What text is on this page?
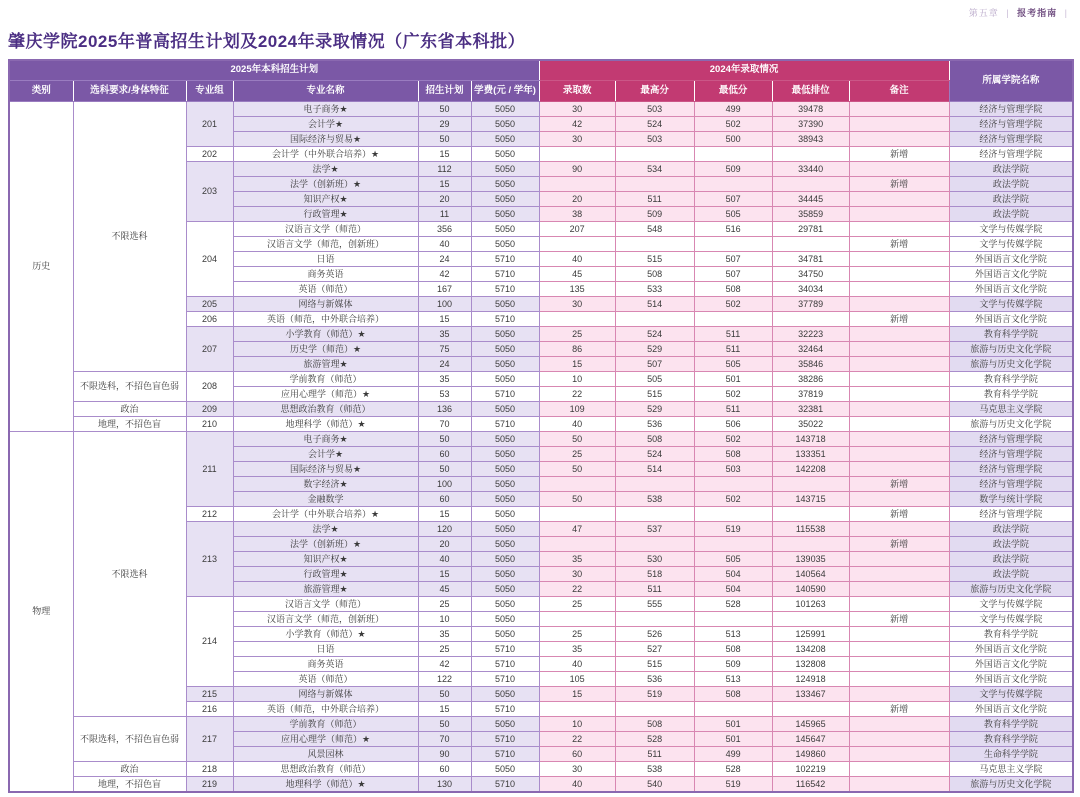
第五章 | 报考指南 |
肇庆学院2025年普高招生计划及2024年录取情况（广东省本科批）
2025年本科招生计划						2024年录取情况					所属学院名称
类别	选科要求/身体特征	专业组	专业名称	招生计划	学费(元 / 学年)	录取数	最高分	最低分	最低排位	备注	
历史	不限选科	201	电子商务★	50	5050	30	503	499	39478		经济与管理学院
			会计学★	29	5050	42	524	502	37390		经济与管理学院
			国际经济与贸易★	50	5050	30	503	500	38943		经济与管理学院
		202	会计学（中外联合培养）★	15	5050					新增	经济与管理学院
		203	法学★	112	5050	90	534	509	33440		政法学院
			法学（创新班）★	15	5050					新增	政法学院
			知识产权★	20	5050	20	511	507	34445		政法学院
			行政管理★	11	5050	38	509	505	35859		政法学院
		204	汉语言文学（师范）	356	5050	207	548	516	29781		文学与传媒学院
			汉语言文学（师范，创新班）	40	5050					新增	文学与传媒学院
			日语	24	5710	40	515	507	34781		外国语言文化学院
			商务英语	42	5710	45	508	507	34750		外国语言文化学院
			英语（师范）	167	5710	135	533	508	34034		外国语言文化学院
		205	网络与新媒体	100	5050	30	514	502	37789		文学与传媒学院
		206	英语（师范，中外联合培养）	15	5710					新增	外国语言文化学院
		207	小学教育（师范）★	35	5050	25	524	511	32223		教育科学学院
			历史学（师范）★	75	5050	86	529	511	32464		旅游与历史文化学院
			旅游管理★	24	5050	15	507	505	35846		旅游与历史文化学院
	不限选科，不招色盲色弱	208	学前教育（师范）	35	5050	10	505	501	38286		教育科学学院
			应用心理学（师范）★	53	5710	22	515	502	37819		教育科学学院
	政治	209	思想政治教育（师范）	136	5050	109	529	511	32381		马克思主义学院
	地理，不招色盲	210	地理科学（师范）★	70	5710	40	536	506	35022		旅游与历史文化学院
物理	不限选科	211	电子商务★	50	5050	50	508	502	143718		经济与管理学院
			会计学★	60	5050	25	524	508	133351		经济与管理学院
			国际经济与贸易★	50	5050	50	514	503	142208		经济与管理学院
			数字经济★	100	5050					新增	经济与管理学院
			金融数学	60	5050	50	538	502	143715		数学与统计学院
		212	会计学（中外联合培养）★	15	5050					新增	经济与管理学院
		213	法学★	120	5050	47	537	519	115538		政法学院
			法学（创新班）★	20	5050					新增	政法学院
			知识产权★	40	5050	35	530	505	139035		政法学院
			行政管理★	15	5050	30	518	504	140564		政法学院
			旅游管理★	45	5050	22	511	504	140590		旅游与历史文化学院
		214	汉语言文学（师范）	25	5050	25	555	528	101263		文学与传媒学院
			汉语言文学（师范，创新班）	10	5050					新增	文学与传媒学院
			小学教育（师范）★	35	5050	25	526	513	125991		教育科学学院
			日语	25	5710	35	527	508	134208		外国语言文化学院
			商务英语	42	5710	40	515	509	132808		外国语言文化学院
			英语（师范）	122	5710	105	536	513	124918		外国语言文化学院
		215	网络与新媒体	50	5050	15	519	508	133467		文学与传媒学院
		216	英语（师范，中外联合培养）	15	5710					新增	外国语言文化学院
	不限选科，不招色盲色弱	217	学前教育（师范）	50	5050	10	508	501	145965		教育科学学院
			应用心理学（师范）★	70	5710	22	528	501	145647		教育科学学院
			风景园林	90	5710	60	511	499	149860		生命科学学院
	政治	218	思想政治教育（师范）	60	5050	30	538	528	102219		马克思主义学院
	地理，不招色盲	219	地理科学（师范）★	130	5710	40	540	519	116542		旅游与历史文化学院
